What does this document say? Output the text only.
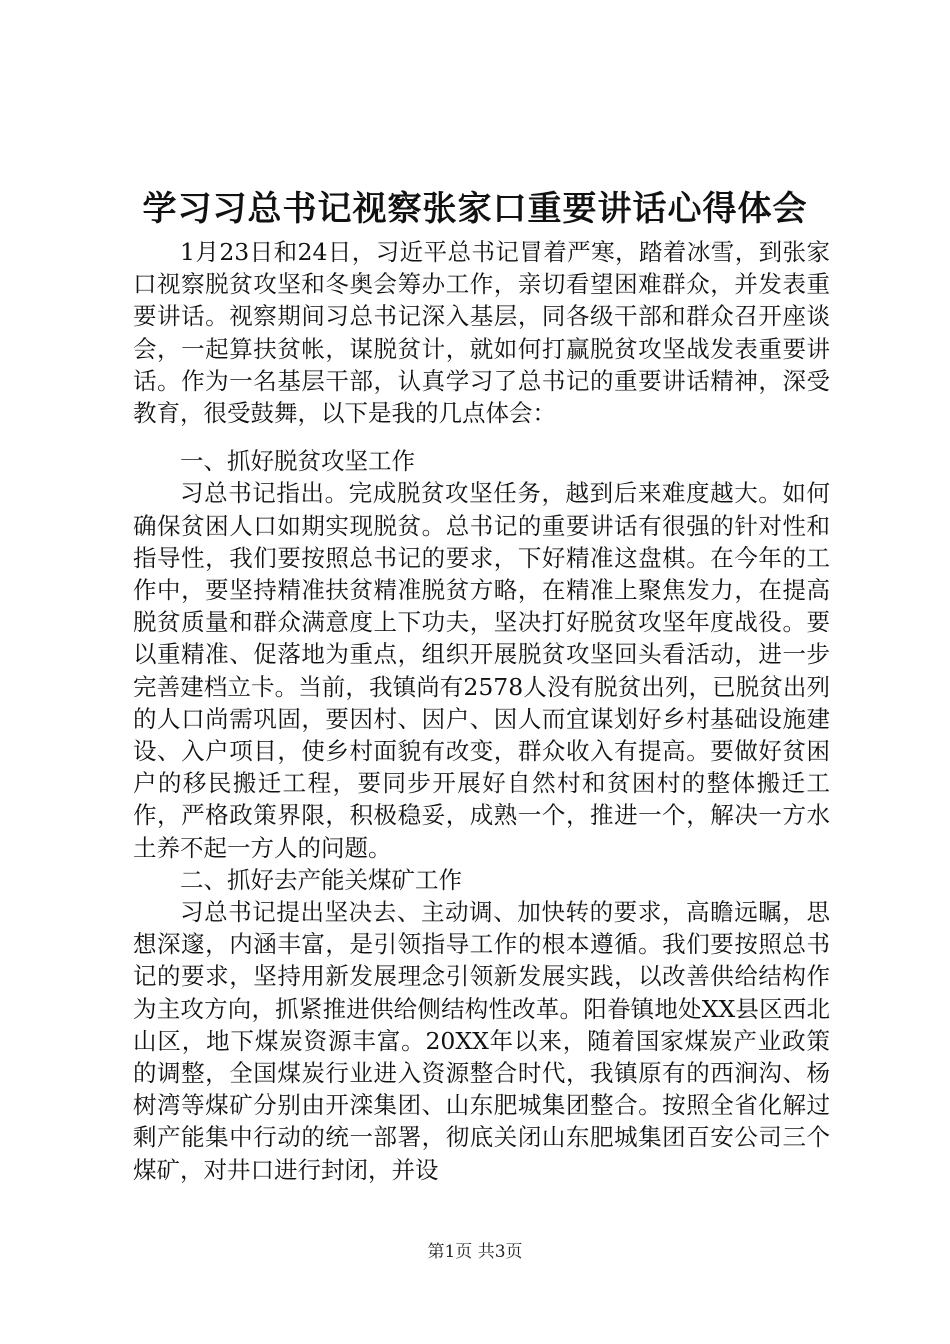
学习习总书记视察张家口重要讲话心得体会

1月23日和24日，习近平总书记冒着严寒，踏着冰雪，到张家口视察脱贫攻坚和冬奥会筹办工作，亲切看望困难群众，并发表重要讲话。视察期间习总书记深入基层，同各级干部和群众召开座谈会，一起算扶贫帐，谋脱贫计，就如何打赢脱贫攻坚战发表重要讲话。作为一名基层干部，认真学习了总书记的重要讲话精神，深受教育，很受鼓舞，以下是我的几点体会：

一、抓好脱贫攻坚工作

习总书记指出。完成脱贫攻坚任务，越到后来难度越大。如何确保贫困人口如期实现脱贫。总书记的重要讲话有很强的针对性和指导性，我们要按照总书记的要求，下好精准这盘棋。在今年的工作中，要坚持精准扶贫精准脱贫方略，在精准上聚焦发力，在提高脱贫质量和群众满意度上下功夫，坚决打好脱贫攻坚年度战役。要以重精准、促落地为重点，组织开展脱贫攻坚回头看活动，进一步完善建档立卡。当前，我镇尚有2578人没有脱贫出列，已脱贫出列的人口尚需巩固，要因村、因户、因人而宜谋划好乡村基础设施建设、入户项目，使乡村面貌有改变，群众收入有提高。要做好贫困户的移民搬迁工程，要同步开展好自然村和贫困村的整体搬迁工作，严格政策界限，积极稳妥，成熟一个，推进一个，解决一方水土养不起一方人的问题。

二、抓好去产能关煤矿工作

习总书记提出坚决去、主动调、加快转的要求，高瞻远瞩，思想深邃，内涵丰富，是引领指导工作的根本遵循。我们要按照总书记的要求，坚持用新发展理念引领新发展实践，以改善供给结构作为主攻方向，抓紧推进供给侧结构性改革。阳眷镇地处XX县区西北山区，地下煤炭资源丰富。20XX年以来，随着国家煤炭产业政策的调整，全国煤炭行业进入资源整合时代，我镇原有的西涧沟、杨树湾等煤矿分别由开滦集团、山东肥城集团整合。按照全省化解过剩产能集中行动的统一部署，彻底关闭山东肥城集团百安公司三个煤矿，对井口进行封闭，并设

第1页 共3页
